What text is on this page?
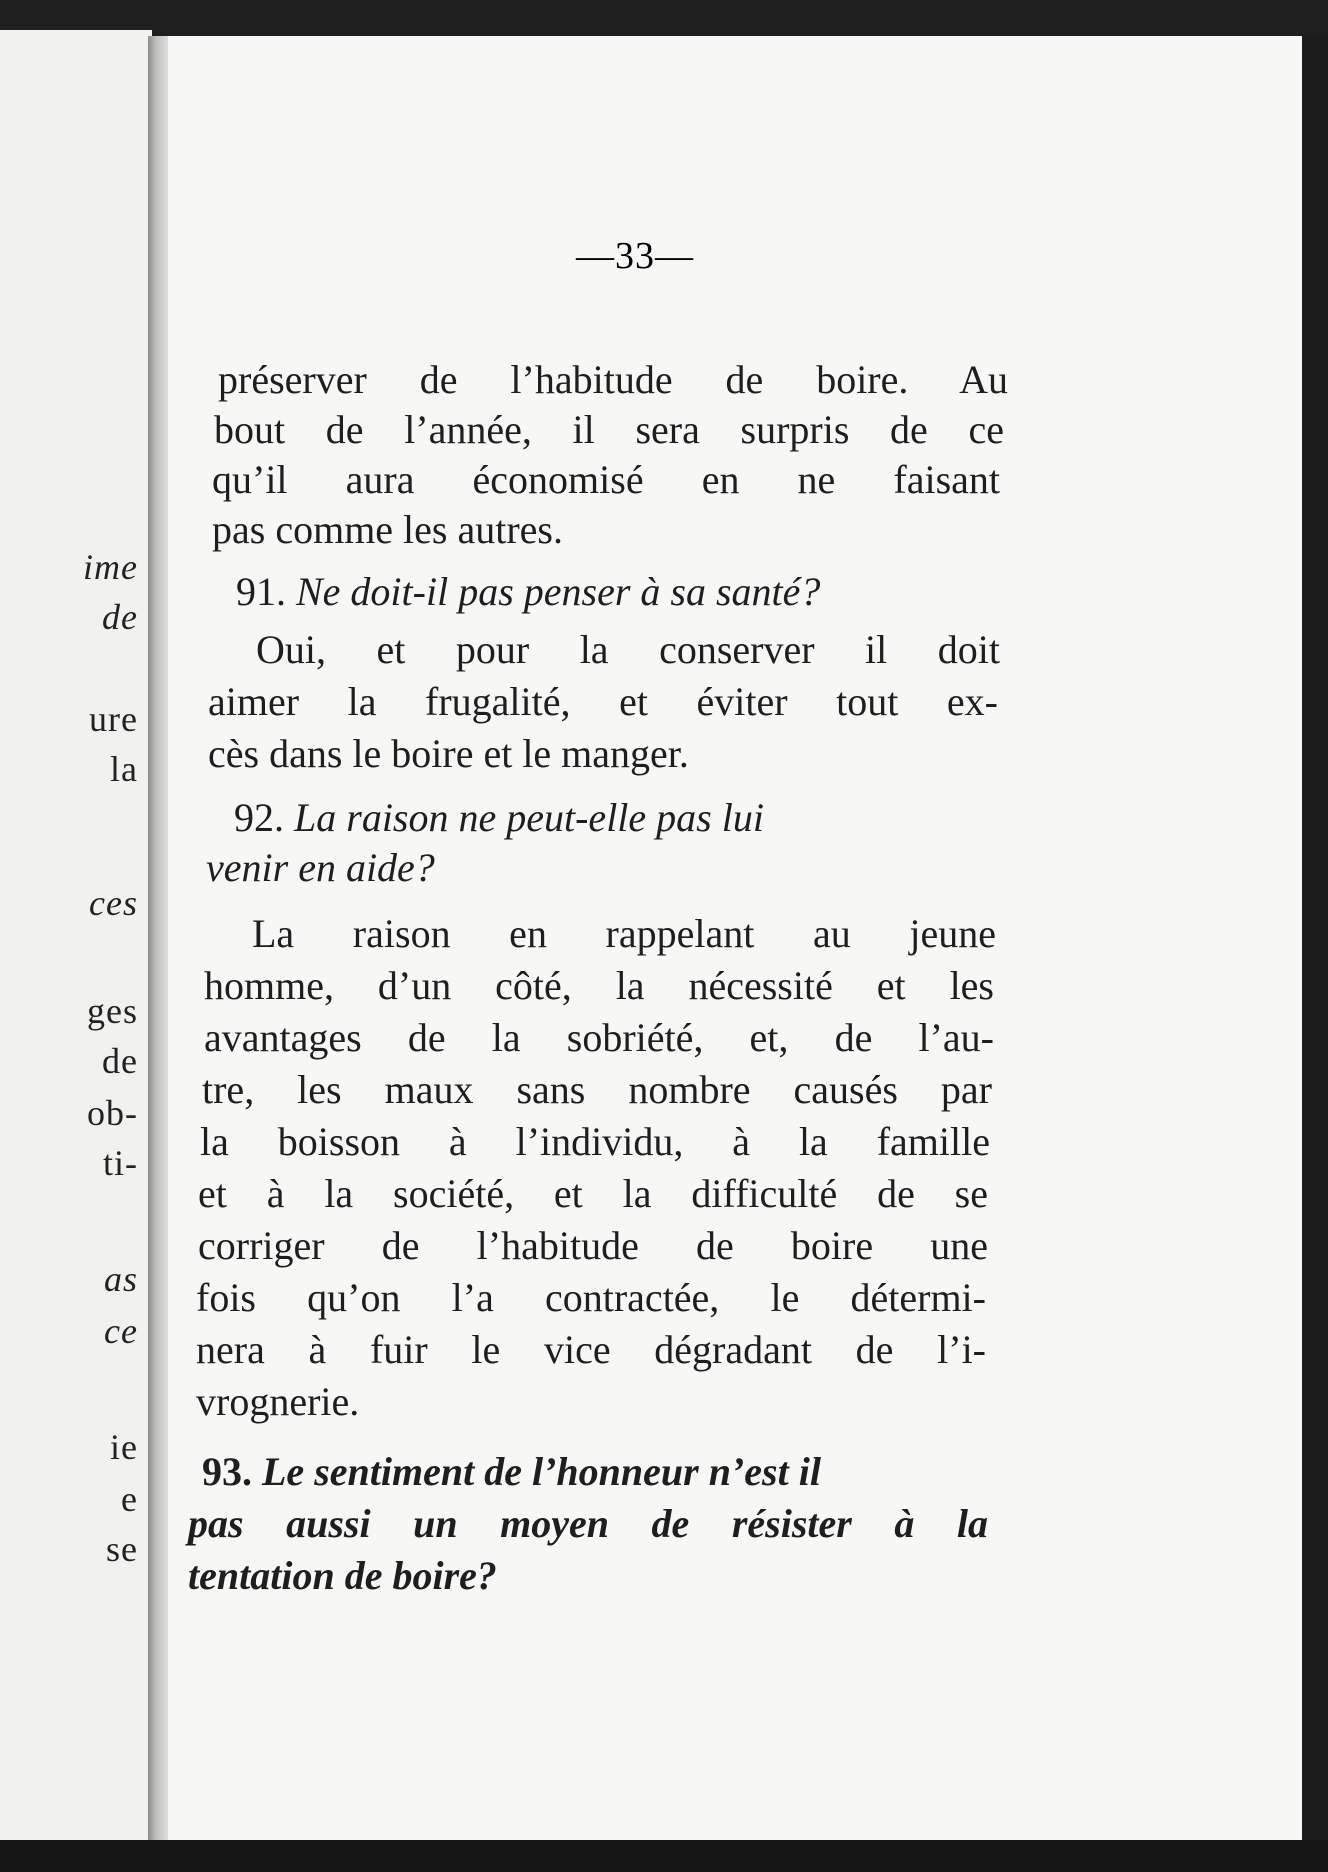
ime

de

ure

la

ces

ges

de

ob-

ti-

as

ce

ie

e

se

—33—

préserver de l’habitude de boire. Au

bout de l’année, il sera surpris de ce

qu’il aura économisé en ne faisant

pas comme les autres.

91. Ne doit-il pas penser à sa santé?

Oui, et pour la conserver il doit

aimer la frugalité, et éviter tout ex-

cès dans le boire et le manger.

92. La raison ne peut-elle pas lui

venir en aide?

La raison en rappelant au jeune

homme, d’un côté, la nécessité et les

avantages de la sobriété, et, de l’au-

tre, les maux sans nombre causés par

la boisson à l’individu, à la famille

et à la société, et la difficulté de se

corriger de l’habitude de boire une

fois qu’on l’a contractée, le détermi-

nera à fuir le vice dégradant de l’i-

vrognerie.

93. Le sentiment de l’honneur n’est il

pas aussi un moyen de résister à la

tentation de boire?
